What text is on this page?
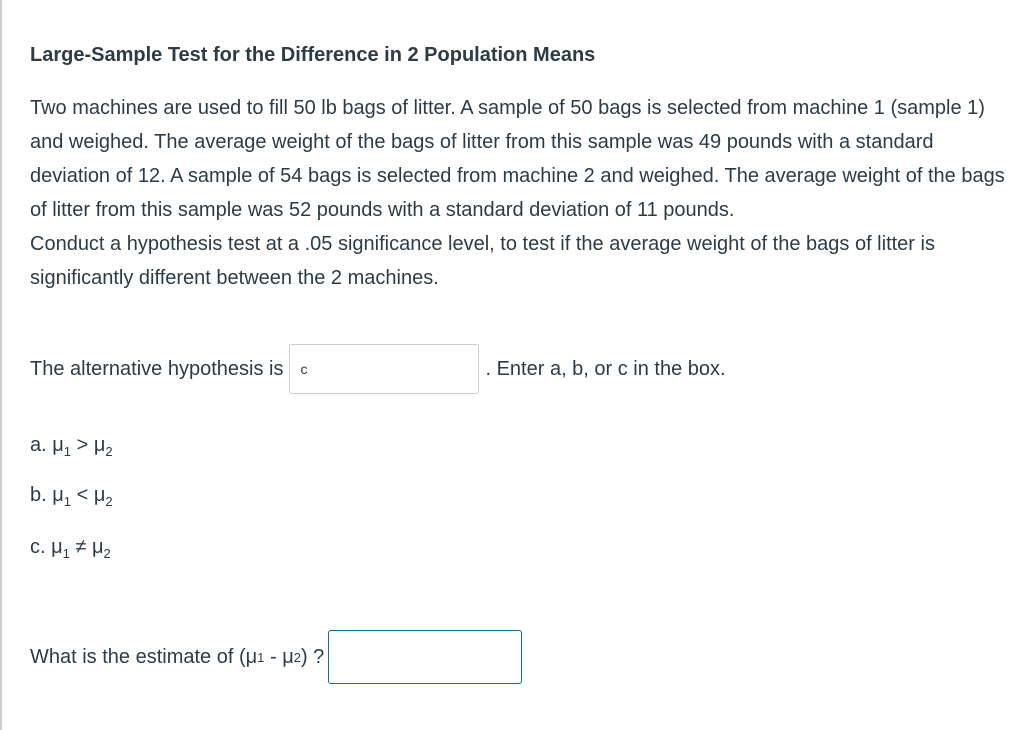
Large-Sample Test for the Difference in 2 Population Means

Two machines are used to fill 50 lb bags of litter. A sample of 50 bags is selected from machine 1 (sample 1) and weighed. The average weight of the bags of litter from this sample was 49 pounds with a standard deviation of 12. A sample of 54 bags is selected from machine 2 and weighed. The average weight of the bags of litter from this sample was 52 pounds with a standard deviation of 11 pounds.

Conduct a hypothesis test at a .05 significance level, to test if the average weight of the bags of litter is significantly different between the 2 machines.

The alternative hypothesis is
c	. Enter a, b, or c in the box.
a. $\mu_1 > \mu_2$
b. $\mu_1 < \mu_2$
c. $\mu_1 \ne \mu_2$
What is the estimate of ( μ 1 - μ 2 ) ?
